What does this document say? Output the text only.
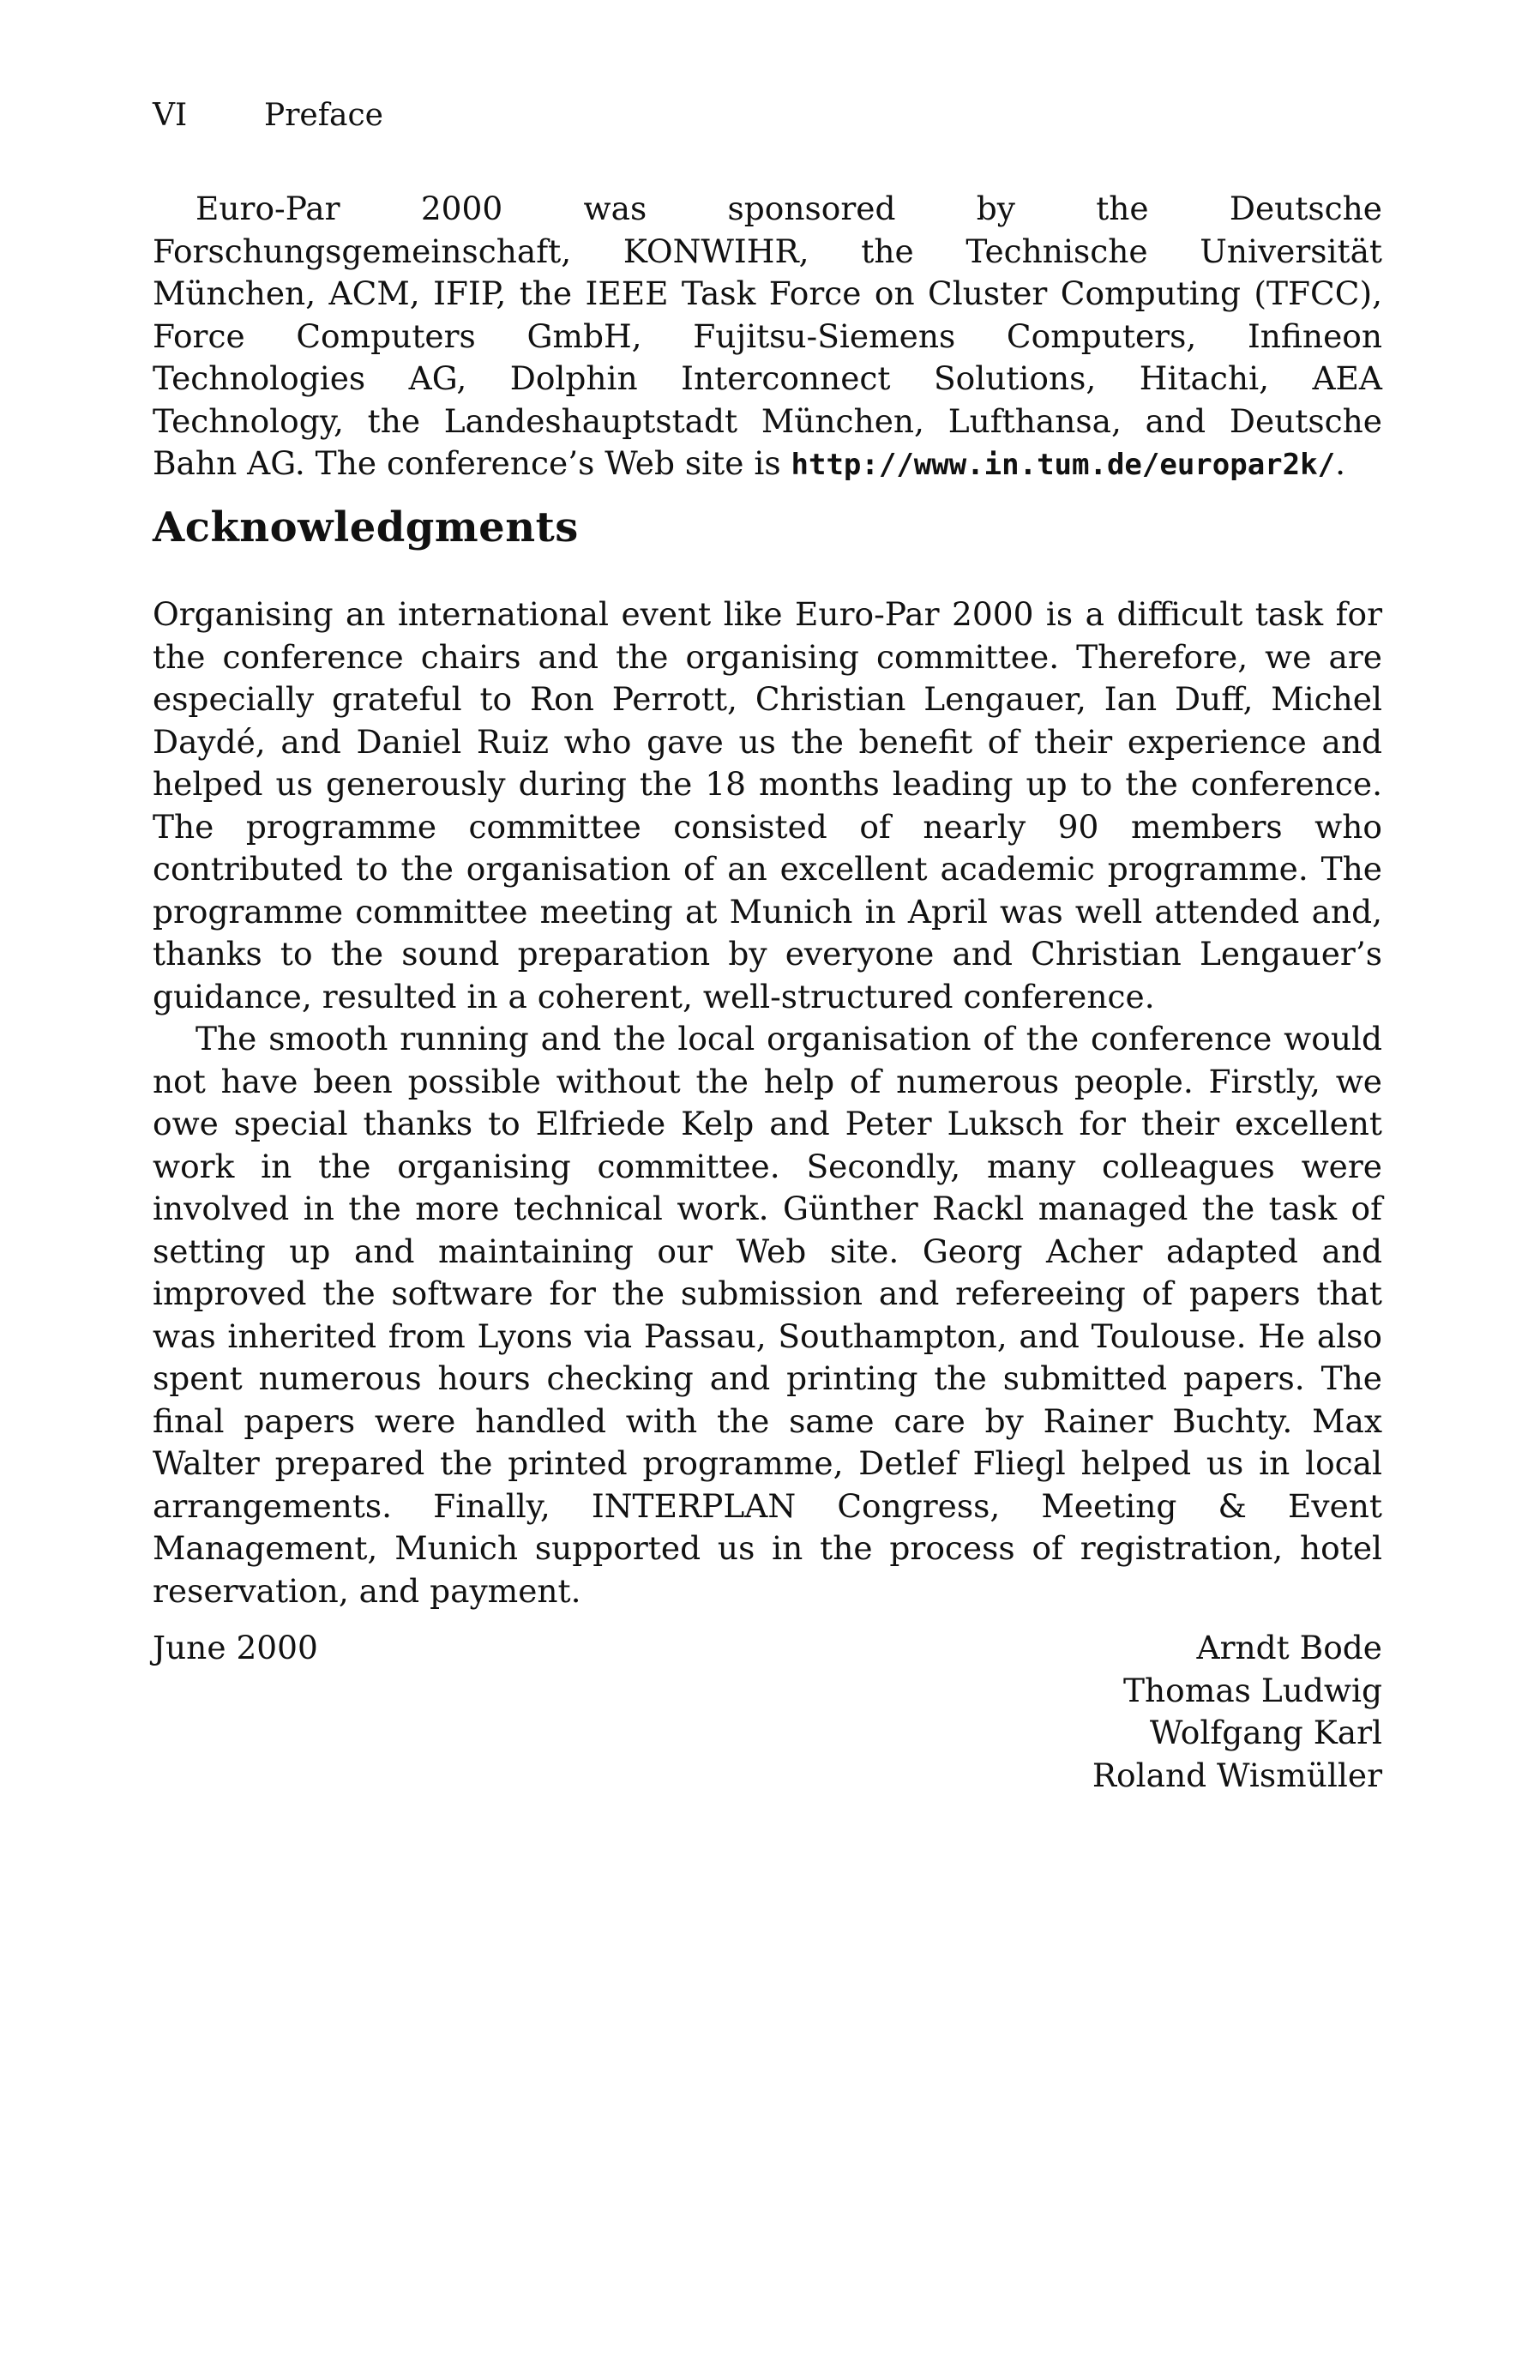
VI Preface

Euro-Par 2000 was sponsored by the Deutsche Forschungsgemeinschaft, KONWIHR, the Technische Universität München, ACM, IFIP, the IEEE Task Force on Cluster Computing (TFCC), Force Computers GmbH, Fujitsu-Siemens Computers, Infineon Technologies AG, Dolphin Interconnect Solutions, Hitachi, AEA Technology, the Landeshauptstadt München, Lufthansa, and Deutsche Bahn AG. The conference’s Web site is http://www.in.tum.de/europar2k/.

Acknowledgments

Organising an international event like Euro-Par 2000 is a difficult task for the conference chairs and the organising committee. Therefore, we are especially grateful to Ron Perrott, Christian Lengauer, Ian Duff, Michel Daydé, and Daniel Ruiz who gave us the benefit of their experience and helped us generously during the 18 months leading up to the conference. The programme committee consisted of nearly 90 members who contributed to the organisation of an excellent academic programme. The programme committee meeting at Munich in April was well attended and, thanks to the sound preparation by everyone and Christian Lengauer’s guidance, resulted in a coherent, well-structured conference.

The smooth running and the local organisation of the conference would not have been possible without the help of numerous people. Firstly, we owe special thanks to Elfriede Kelp and Peter Luksch for their excellent work in the organising committee. Secondly, many colleagues were involved in the more technical work. Günther Rackl managed the task of setting up and maintaining our Web site. Georg Acher adapted and improved the software for the submission and refereeing of papers that was inherited from Lyons via Passau, Southampton, and Toulouse. He also spent numerous hours checking and printing the submitted papers. The final papers were handled with the same care by Rainer Buchty. Max Walter prepared the printed programme, Detlef Fliegl helped us in local arrangements. Finally, INTERPLAN Congress, Meeting & Event Management, Munich supported us in the process of registration, hotel reservation, and payment.

June 2000	Arndt Bode
Thomas Ludwig
Wolfgang Karl
Roland Wismüller
